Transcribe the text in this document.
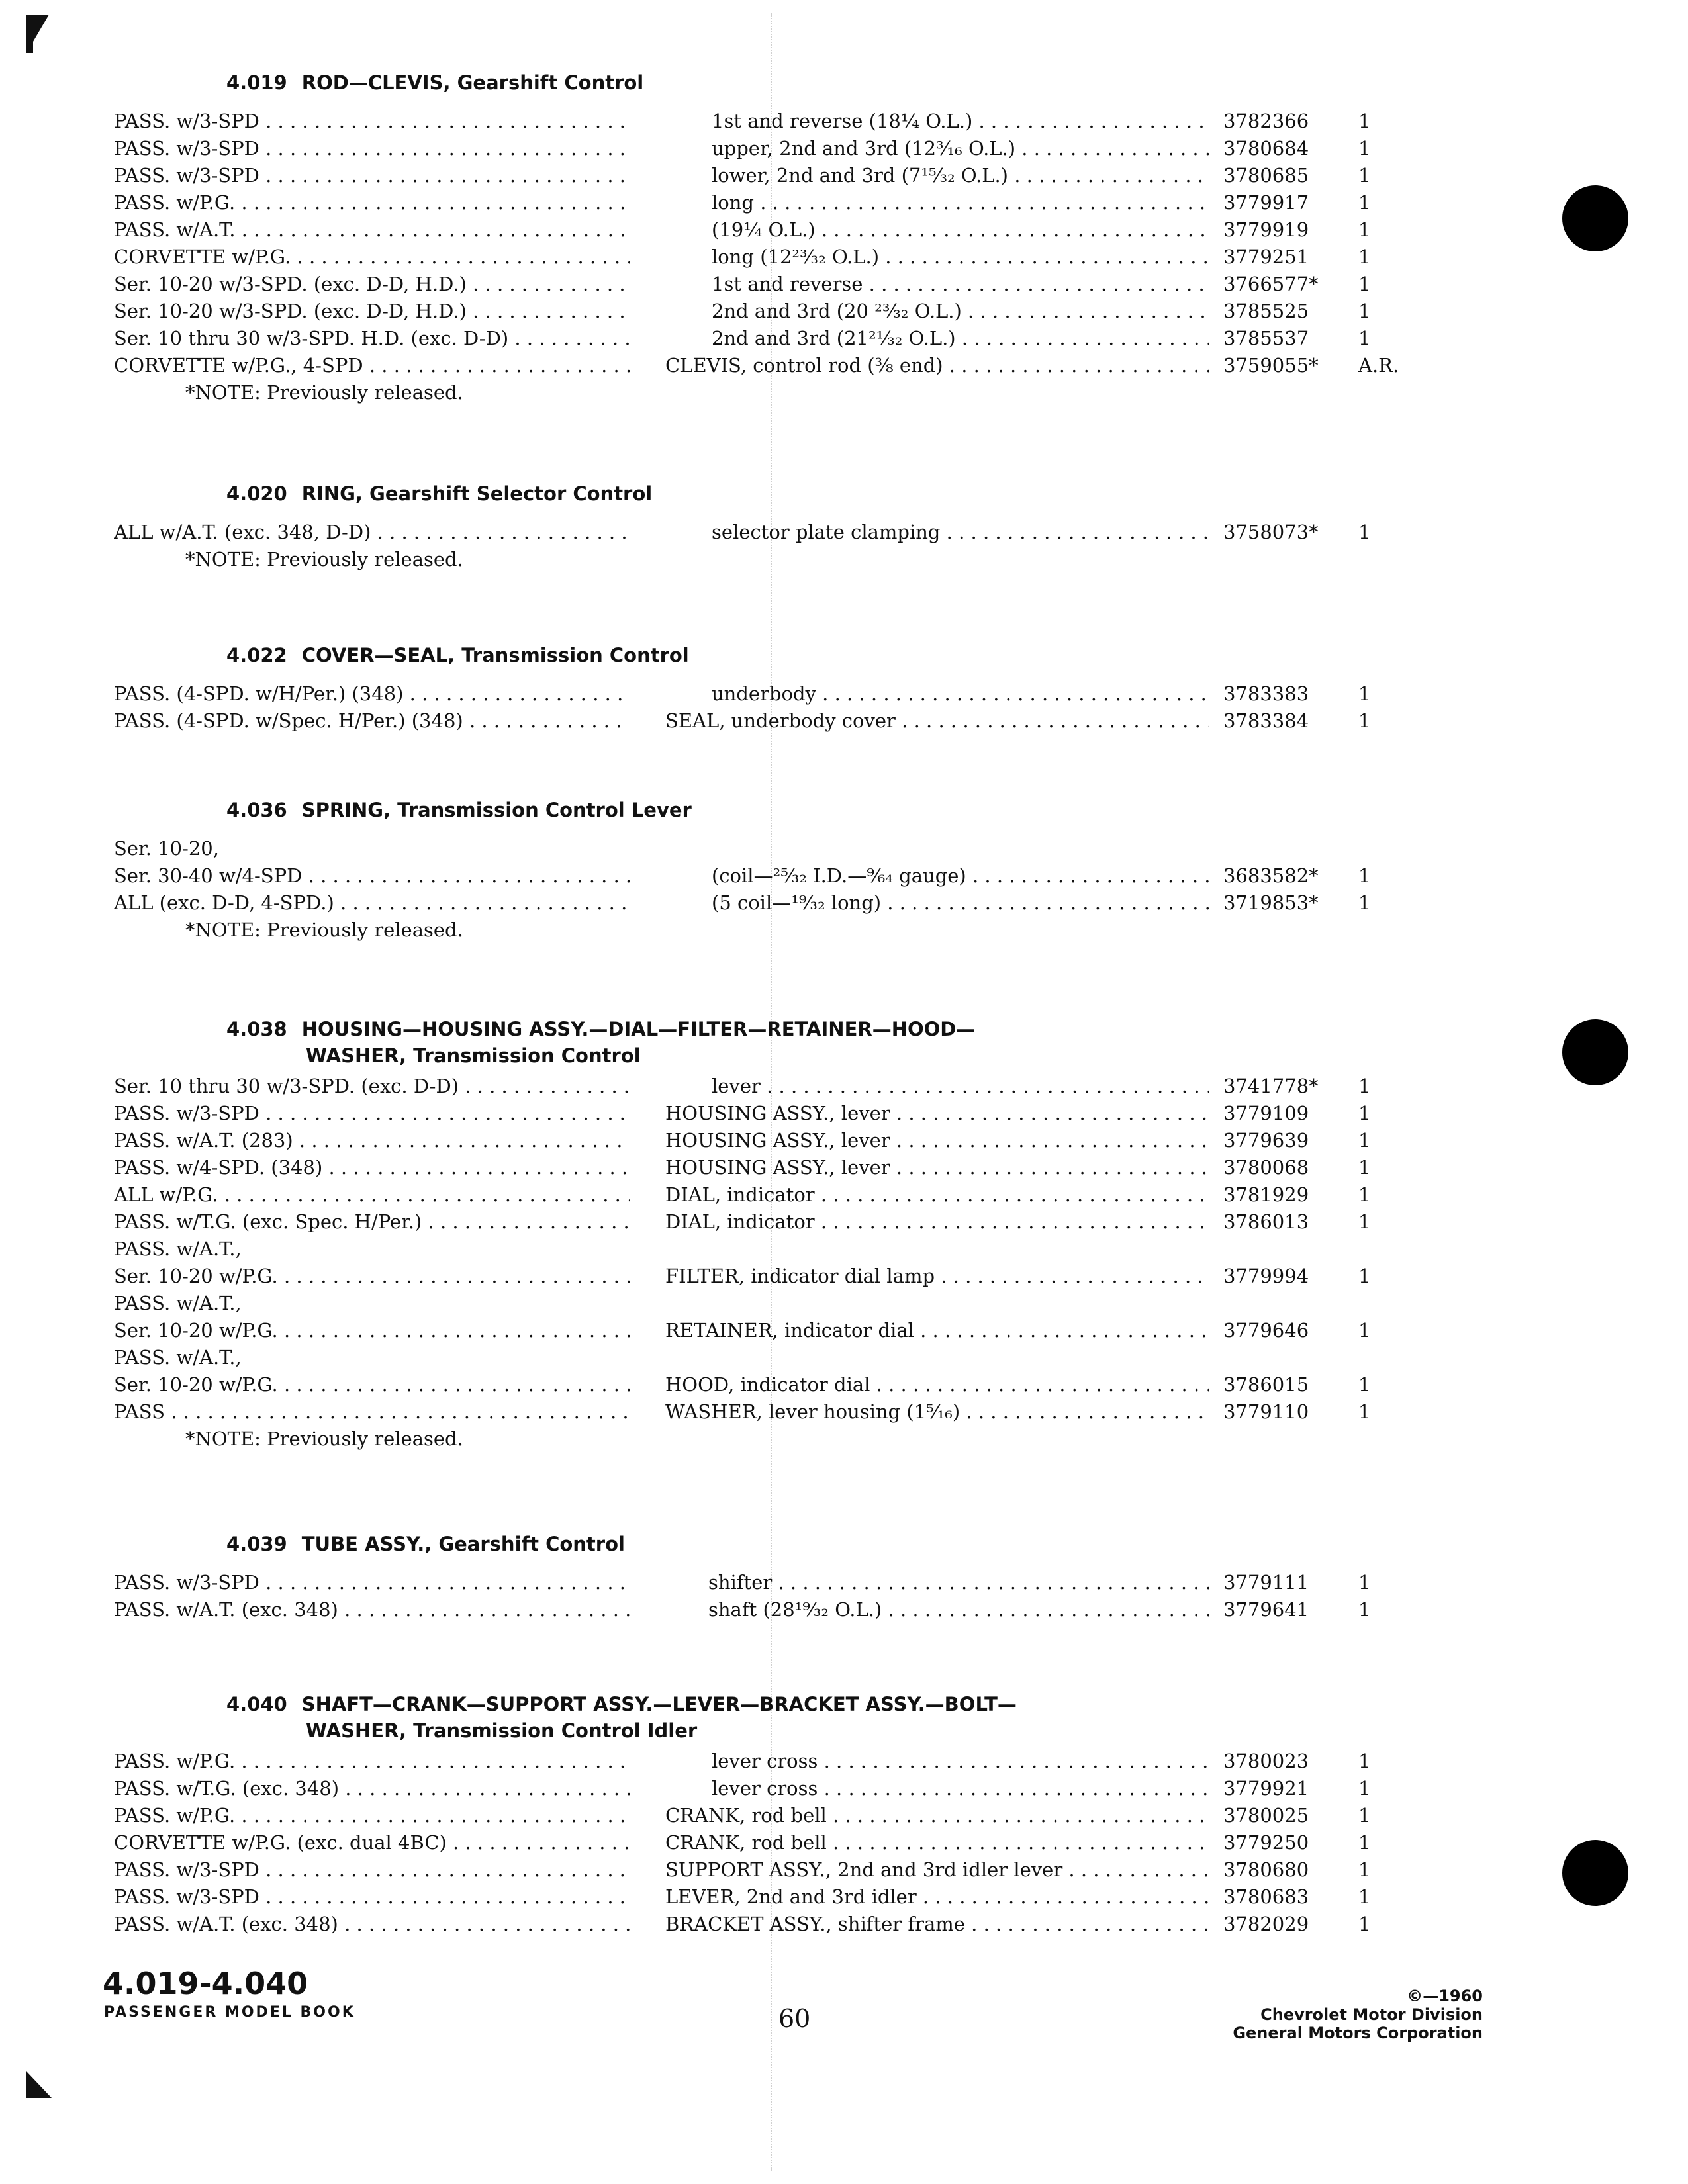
4.019 ROD—CLEVIS, Gearshift Control
PASS. w/3-SPD . . .	1st and reverse (18¼ O.L.) . . .	3782366	1
PASS. w/3-SPD . . .	upper, 2nd and 3rd (12³⁄₁₆ O.L.) . . .	3780684	1
PASS. w/3-SPD . . .	lower, 2nd and 3rd (7¹⁵⁄₃₂ O.L.) . . .	3780685	1
PASS. w/P.G. . . .	long . . .	3779917	1
PASS. w/A.T. . . .	(19¼ O.L.) . . .	3779919	1
CORVETTE w/P.G. . . .	long (12²³⁄₃₂ O.L.) . . .	3779251	1
Ser. 10-20 w/3-SPD. (exc. D-D, H.D.) . . .	1st and reverse . . .	3766577*	1
Ser. 10-20 w/3-SPD. (exc. D-D, H.D.) . . .	2nd and 3rd (20 ²³⁄₃₂ O.L.) . . .	3785525	1
Ser. 10 thru 30 w/3-SPD. H.D. (exc. D-D) . . .	2nd and 3rd (21²¹⁄₃₂ O.L.) . . .	3785537	1
CORVETTE w/P.G., 4-SPD . . .	CLEVIS, control rod (⅜ end) . . .	3759055*	A.R.
*NOTE: Previously released.
4.020 RING, Gearshift Selector Control
ALL w/A.T. (exc. 348, D-D) . . .	selector plate clamping . . .	3758073*	1
*NOTE: Previously released.
4.022 COVER—SEAL, Transmission Control
PASS. (4-SPD. w/H/Per.) (348) . . .	underbody . . .	3783383	1
PASS. (4-SPD. w/Spec. H/Per.) (348) . . .	SEAL, underbody cover . . .	3783384	1
4.036 SPRING, Transmission Control Lever
Ser. 10-20,
Ser. 30-40 w/4-SPD . . .	(coil—²⁵⁄₃₂ I.D.—⁹⁄₆₄ gauge) . . .	3683582*	1
ALL (exc. D-D, 4-SPD.) . . .	(5 coil—¹⁹⁄₃₂ long) . . .	3719853*	1
*NOTE: Previously released.
4.038 HOUSING—HOUSING ASSY.—DIAL—FILTER—RETAINER—HOOD—
WASHER, Transmission Control
Ser. 10 thru 30 w/3-SPD. (exc. D-D) . . .	lever . . .	3741778*	1
PASS. w/3-SPD . . .	HOUSING ASSY., lever . . .	3779109	1
PASS. w/A.T. (283) . . .	HOUSING ASSY., lever . . .	3779639	1
PASS. w/4-SPD. (348) . . .	HOUSING ASSY., lever . . .	3780068	1
ALL w/P.G. . . .	DIAL, indicator . . .	3781929	1
PASS. w/T.G. (exc. Spec. H/Per.) . . .	DIAL, indicator . . .	3786013	1
PASS. w/A.T.,
Ser. 10-20 w/P.G. . . .	FILTER, indicator dial lamp . . .	3779994	1
PASS. w/A.T.,
Ser. 10-20 w/P.G. . . .	RETAINER, indicator dial . . .	3779646	1
PASS. w/A.T.,
Ser. 10-20 w/P.G. . . .	HOOD, indicator dial . . .	3786015	1
PASS . . .	WASHER, lever housing (1⁵⁄₁₆) . . .	3779110	1
*NOTE: Previously released.
4.039 TUBE ASSY., Gearshift Control
PASS. w/3-SPD . . .	shifter . . .	3779111	1
PASS. w/A.T. (exc. 348) . . .	shaft (28¹⁹⁄₃₂ O.L.) . . .	3779641	1
4.040 SHAFT—CRANK—SUPPORT ASSY.—LEVER—BRACKET ASSY.—BOLT—
WASHER, Transmission Control Idler
PASS. w/P.G. . . .	lever cross . . .	3780023	1
PASS. w/T.G. (exc. 348) . . .	lever cross . . .	3779921	1
PASS. w/P.G. . . .	CRANK, rod bell . . .	3780025	1
CORVETTE w/P.G. (exc. dual 4BC) . . .	CRANK, rod bell . . .	3779250	1
PASS. w/3-SPD . . .	SUPPORT ASSY., 2nd and 3rd idler lever . . .	3780680	1
PASS. w/3-SPD . . .	LEVER, 2nd and 3rd idler . . .	3780683	1
PASS. w/A.T. (exc. 348) . . .	BRACKET ASSY., shifter frame . . .	3782029	1
4.019-4.040
PASSENGER MODEL BOOK	60
©—1960
Chevrolet Motor Division
General Motors Corporation
